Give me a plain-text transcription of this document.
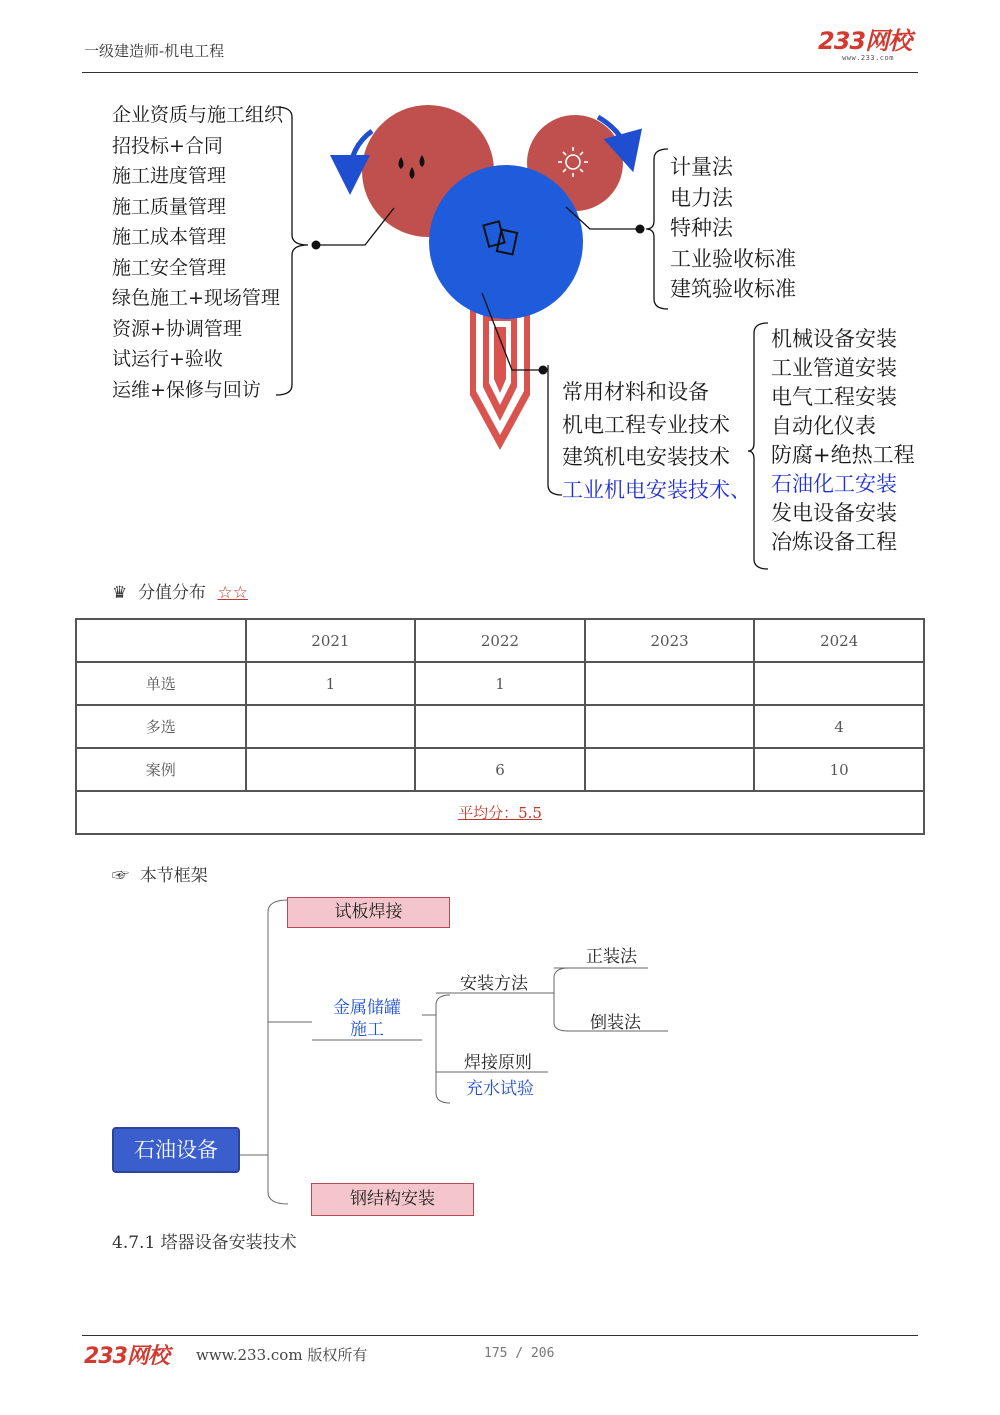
一级建造师-机电工程	233网校
www.233.com
企业资质与施工组织
招投标+合同
施工进度管理
施工质量管理
施工成本管理
施工安全管理
绿色施工+现场管理
资源+协调管理
试运行+验收
运维+保修与回访
计量法
电力法
特种法
工业验收标准
建筑验收标准
常用材料和设备
机电工程专业技术
建筑机电安装技术
工业机电安装技术、
机械设备安装
工业管道安装
电气工程安装
自动化仪表
防腐+绝热工程
石油化工安装
发电设备安装
冶炼设备工程
♛ 分值分布 ☆☆
	2021	2022	2023	2024
单选	1	1		
多选				4
案例		6		10
平均分：5.5				
☞ 本节框架
试板焊接
金属储罐
施工
安装方法
正装法
倒装法
焊接原则
充水试验
石油设备
钢结构安装
4.7.1 塔器设备安装技术
233网校 www.233.com 版权所有	175 / 206
